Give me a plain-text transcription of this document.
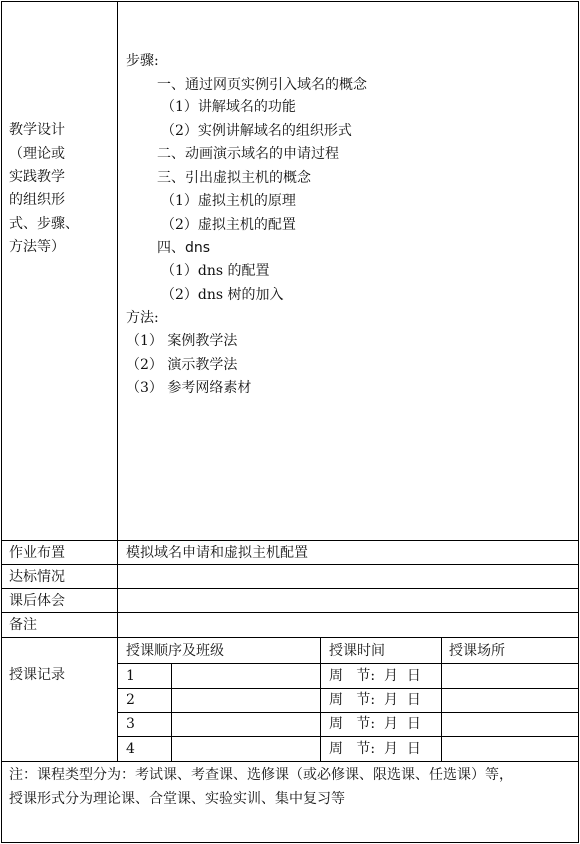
教学设计
（理论或
实践教学
的组织形
式、步骤、
方法等）
步骤:
一、通过网页实例引入域名的概念
（1）讲解域名的功能
（2）实例讲解域名的组织形式
二、动画演示域名的申请过程
三、引出虚拟主机的概念
（1）虚拟主机的原理
（2）虚拟主机的配置
四、dns
（1）dns 的配置
（2）dns 树的加入
方法:
（1） 案例教学法
（2） 演示教学法
（3） 参考网络素材
作业布置	模拟域名申请和虚拟主机配置
达标情况
课后体会
备注
授课记录
授课顺序及班级	授课时间	授课场所
1	周   节:  月  日
2	周   节:  月  日
3	周   节:  月  日
4	周   节:  月  日
注：课程类型分为：考试课、考查课、选修课（或必修课、限选课、任选课）等，
授课形式分为理论课、合堂课、实验实训、集中复习等
